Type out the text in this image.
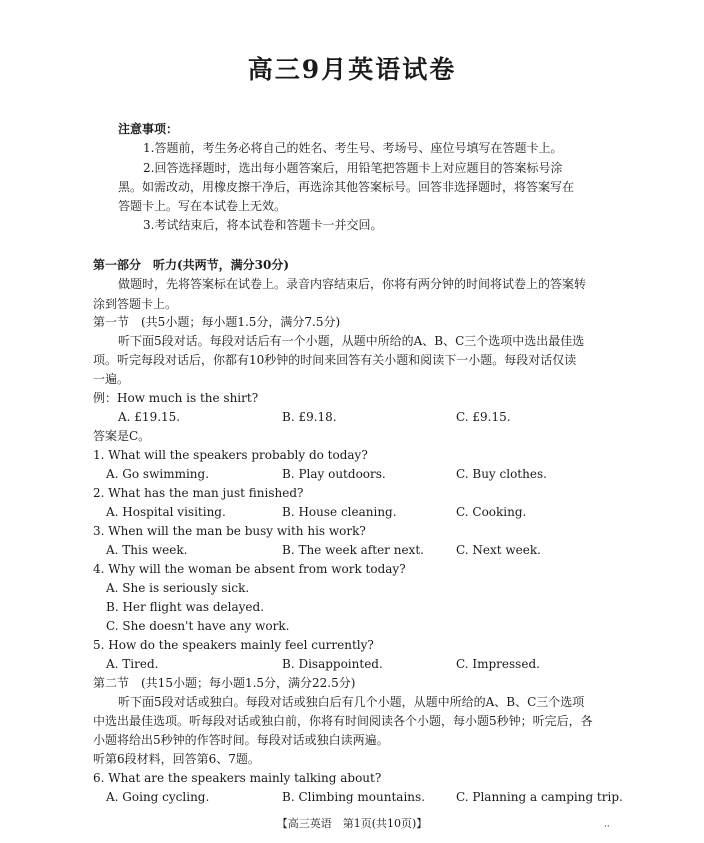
高三9月英语试卷
注意事项：
1.答题前，考生务必将自己的姓名、考生号、考场号、座位号填写在答题卡上。
2.回答选择题时，选出每小题答案后，用铅笔把答题卡上对应题目的答案标号涂
黑。如需改动，用橡皮擦干净后，再选涂其他答案标号。回答非选择题时，将答案写在
答题卡上。写在本试卷上无效。
3.考试结束后，将本试卷和答题卡一并交回。
第一部分　听力(共两节，满分30分)
做题时，先将答案标在试卷上。录音内容结束后，你将有两分钟的时间将试卷上的答案转
涂到答题卡上。
第一节　(共5小题；每小题1.5分，满分7.5分)
听下面5段对话。每段对话后有一个小题，从题中所给的A、B、C三个选项中选出最佳选
项。听完每段对话后，你都有10秒钟的时间来回答有关小题和阅读下一小题。每段对话仅读
一遍。
例：How much is the shirt?
A. £19.15.	B. £9.18.	C. £9.15.
答案是C。
1. What will the speakers probably do today?
A. Go swimming.	B. Play outdoors.	C. Buy clothes.
2. What has the man just finished?
A. Hospital visiting.	B. House cleaning.	C. Cooking.
3. When will the man be busy with his work?
A. This week.	B. The week after next.	C. Next week.
4. Why will the woman be absent from work today?
A. She is seriously sick.
B. Her flight was delayed.
C. She doesn't have any work.
5. How do the speakers mainly feel currently?
A. Tired.	B. Disappointed.	C. Impressed.
第二节　(共15小题；每小题1.5分，满分22.5分)
听下面5段对话或独白。每段对话或独白后有几个小题，从题中所给的A、B、C三个选项
中选出最佳选项。听每段对话或独白前，你将有时间阅读各个小题，每小题5秒钟；听完后，各
小题将给出5秒钟的作答时间。每段对话或独白读两遍。
听第6段材料，回答第6、7题。
6. What are the speakers mainly talking about?
A. Going cycling.	B. Climbing mountains.	C. Planning a camping trip.
【高三英语　第1页(共10页)】	··
